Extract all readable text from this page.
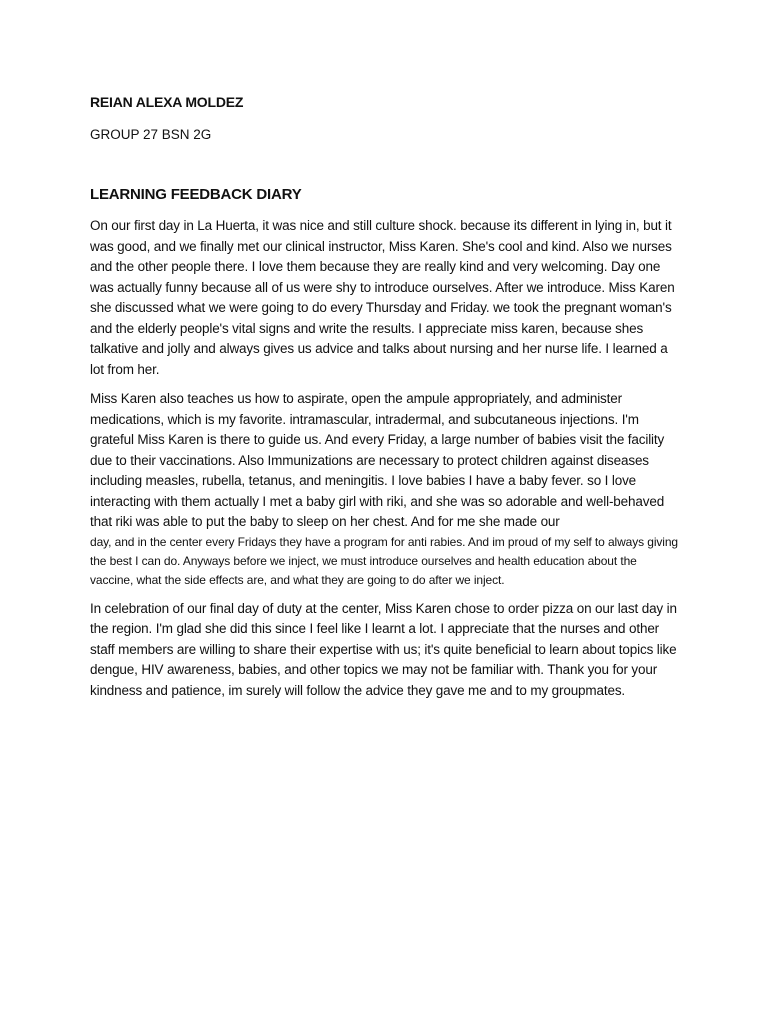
REIAN ALEXA MOLDEZ

GROUP 27 BSN 2G

LEARNING FEEDBACK DIARY

On our first day in La Huerta, it was nice and still culture shock. because its different in lying in, but it was good, and we finally met our clinical instructor, Miss Karen. She's cool and kind. Also we nurses and the other people there. I love them because they are really kind and very welcoming. Day one was actually funny because all of us were shy to introduce ourselves. After we introduce. Miss Karen she discussed what we were going to do every Thursday and Friday. we took the pregnant woman's and the elderly people's vital signs and write the results. I appreciate miss karen, because shes talkative and jolly and always gives us advice and talks about nursing and her nurse life. I learned a lot from her.

Miss Karen also teaches us how to aspirate, open the ampule appropriately, and administer medications, which is my favorite. intramascular, intradermal, and subcutaneous injections. I'm grateful Miss Karen is there to guide us. And every Friday, a large number of babies visit the facility due to their vaccinations. Also Immunizations are necessary to protect children against diseases including measles, rubella, tetanus, and meningitis. I love babies I have a baby fever. so I love interacting with them actually I met a baby girl with riki, and she was so adorable and well-behaved that riki was able to put the baby to sleep on her chest. And for me she made our
day, and in the center every Fridays they have a program for anti rabies. And im proud of my self to always giving the best I can do. Anyways before we inject, we must introduce ourselves and health education about the vaccine, what the side effects are, and what they are going to do after we inject.

In celebration of our final day of duty at the center, Miss Karen chose to order pizza on our last day in the region. I'm glad she did this since I feel like I learnt a lot. I appreciate that the nurses and other staff members are willing to share their expertise with us; it's quite beneficial to learn about topics like dengue, HIV awareness, babies, and other topics we may not be familiar with. Thank you for your kindness and patience, im surely will follow the advice they gave me and to my groupmates.
